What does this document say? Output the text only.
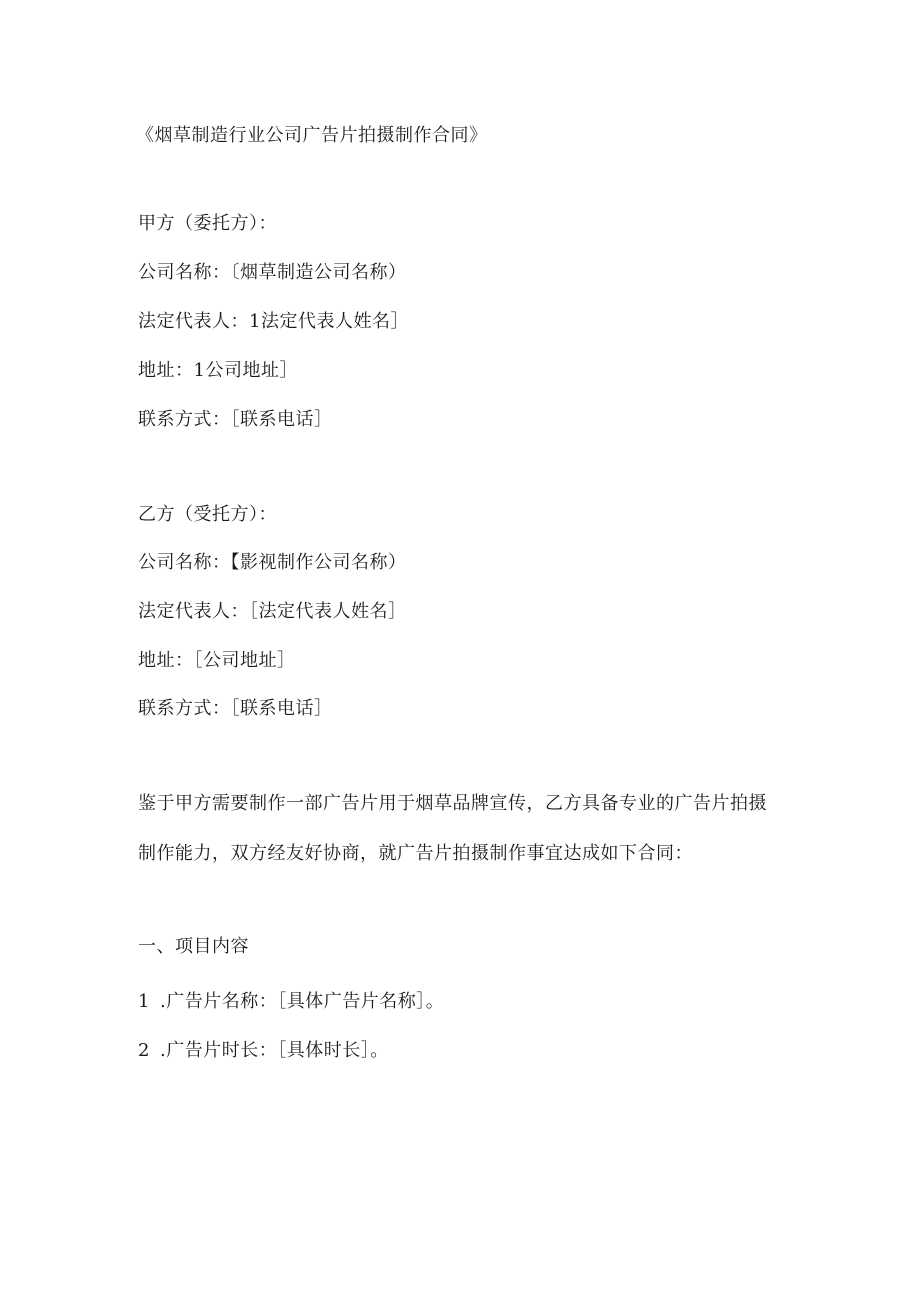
《烟草制造行业公司广告片拍摄制作合同》
甲方（委托方）：
公司名称：〔烟草制造公司名称）
法定代表人：1法定代表人姓名］
地址：1公司地址］
联系方式：［联系电话］
乙方（受托方）：
公司名称：【影视制作公司名称）
法定代表人：［法定代表人姓名］
地址：［公司地址］
联系方式：［联系电话］
鉴于甲方需要制作一部广告片用于烟草品牌宣传，乙方具备专业的广告片拍摄
制作能力，双方经友好协商，就广告片拍摄制作事宜达成如下合同：
一、项目内容
1 .广告片名称：［具体广告片名称］。
2 .广告片时长：［具体时长］。
